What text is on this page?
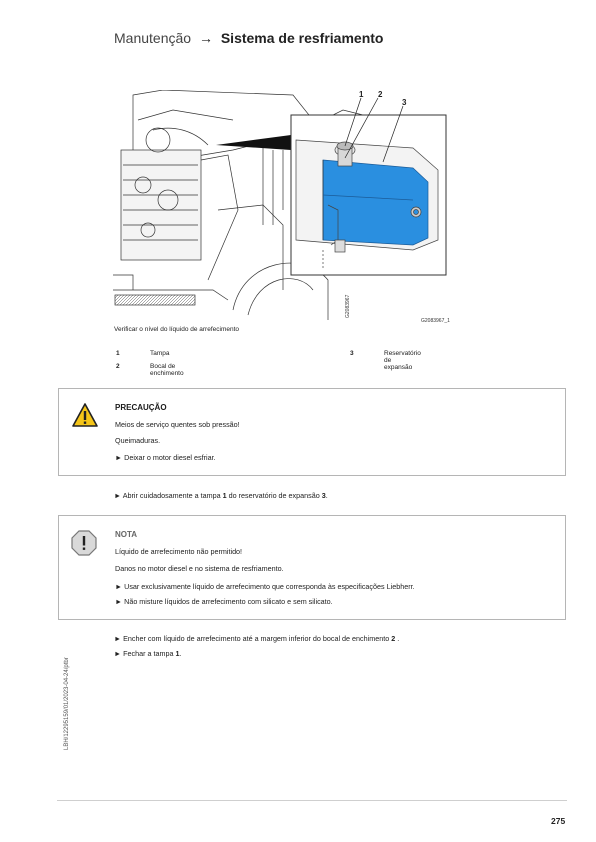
Manutenção → Sistema de resfriamento
1 2
3
G2083967
G2083967_1
Verificar o nível do líquido de arrefecimento
1	Tampa
2	Bocal de enchimento
3	Reservatório de expansão
PRECAUÇÃO
Meios de serviço quentes sob pressão!
Queimaduras.
► Deixar o motor diesel esfriar.
► Abrir cuidadosamente a tampa 1 do reservatório de expansão 3.
NOTA
Líquido de arrefecimento não permitido!
Danos no motor diesel e no sistema de resfriamento.
► Usar exclusivamente líquido de arrefecimento que corresponda às especificações Liebherr.
► Não misture líquidos de arrefecimento com silicato e sem silicato.
► Encher com líquido de arrefecimento até a margem inferior do bocal de enchimento 2 .
► Fechar a tampa 1.
LBH/12295159/01/2023-04-24/ptbr
275
